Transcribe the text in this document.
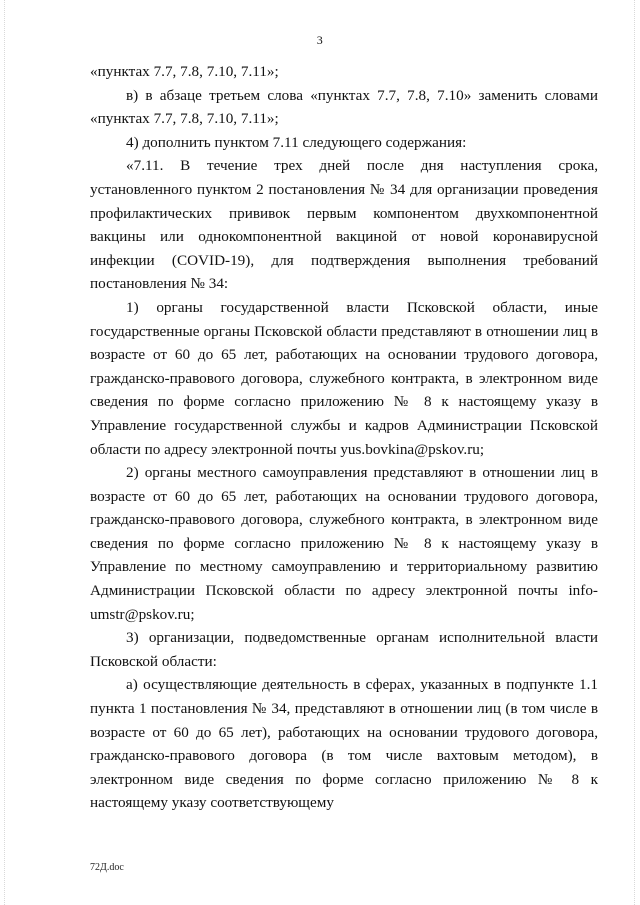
3

«пунктах 7.7, 7.8, 7.10, 7.11»;

в) в абзаце третьем слова «пунктах 7.7, 7.8, 7.10» заменить словами «пунктах 7.7, 7.8, 7.10, 7.11»;

4) дополнить пунктом 7.11 следующего содержания:

«7.11. В течение трех дней после дня наступления срока, установленного пунктом 2 постановления № 34 для организации проведения профилактических прививок первым компонентом двухкомпонентной вакцины или однокомпонентной вакциной от новой коронавирусной инфекции (COVID-19), для подтверждения выполнения требований постановления № 34:

1) органы государственной власти Псковской области, иные государственные органы Псковской области представляют в отношении лиц в возрасте от 60 до 65 лет, работающих на основании трудового договора, гражданско-правового договора, служебного контракта, в электронном виде сведения по форме согласно приложению № 8 к настоящему указу в Управление государственной службы и кадров Администрации Псковской области по адресу электронной почты yus.bovkina@pskov.ru;

2) органы местного самоуправления представляют в отношении лиц в возрасте от 60 до 65 лет, работающих на основании трудового договора, гражданско-правового договора, служебного контракта, в электронном виде сведения по форме согласно приложению № 8 к настоящему указу в Управление по местному самоуправлению и территориальному развитию Администрации Псковской области по адресу электронной почты info-umstr@pskov.ru;

3) организации, подведомственные органам исполнительной власти Псковской области:

а) осуществляющие деятельность в сферах, указанных в подпункте 1.1 пункта 1 постановления № 34, представляют в отношении лиц (в том числе в возрасте от 60 до 65 лет), работающих на основании трудового договора, гражданско-правового договора (в том числе вахтовым методом), в электронном виде сведения по форме согласно приложению № 8 к настоящему указу соответствующему

72Д.doc
